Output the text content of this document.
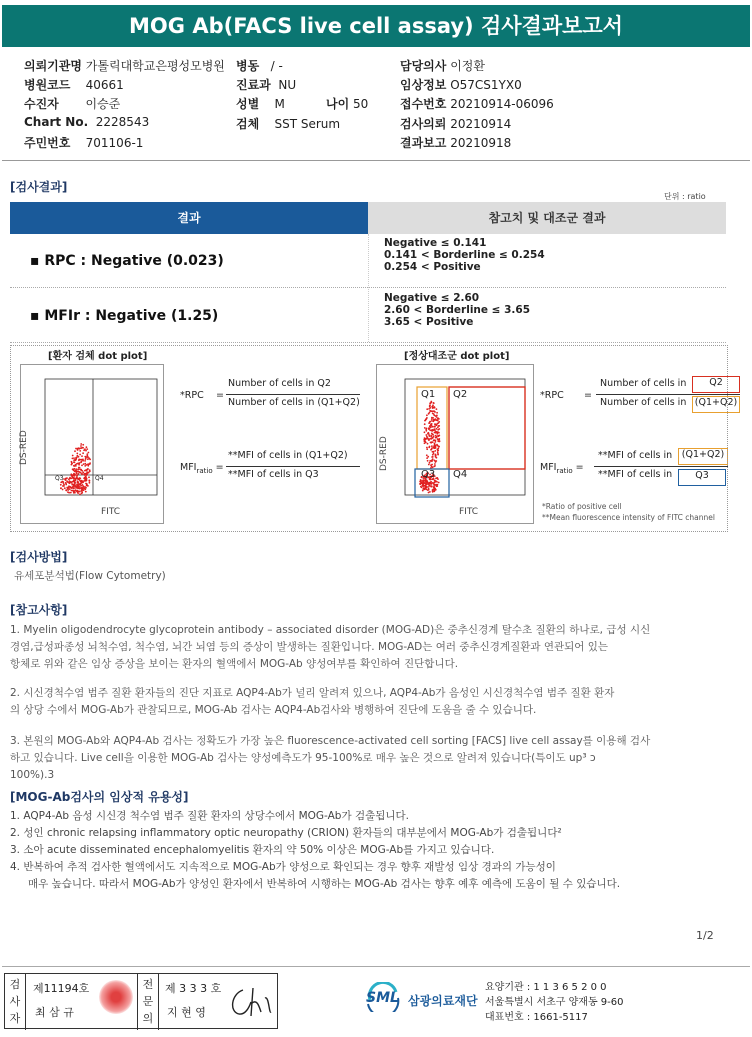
MOG Ab(FACS live cell assay) 검사결과보고서
의뢰기관명 가톨릭대학교은평성모병원 병동 / -	담당의사 이정환
병원코드 40661	진료과 NU	임상정보 O57CS1YX0
수진자 이승준	성별 M	나이 50	접수번호 20210914-06096
Chart No. 2228543	검체 SST Serum	검사의뢰 20210914
주민번호 701106-1	결과보고 20210918
[검사결과]
단위 : ratio
결과	참고치 및 대조군 결과
▪ RPC : Negative (0.023)
Negative ≤ 0.141
0.141 < Borderline ≤ 0.254
0.254 < Positive
▪ MFIr : Negative (1.25)
Negative ≤ 2.60
2.60 < Borderline ≤ 3.65
3.65 < Positive
[환자 검체 dot plot]	[정상대조군 dot plot]
DS-RED
FITC
Q3	Q4
*RPC =
Number of cells in Q2
Number of cells in (Q1+Q2)
$MFI_{ratio}$ =
**MFI of cells in (Q1+Q2)
**MFI of cells in Q3
DS-RED
FITC
Q1 Q2
Q3 Q4
*RPC =
Number of cells in	Q2
Number of cells in (Q1+Q2)
$MFI_{ratio}$ =
**MFI of cells in	(Q1+Q2)
**MFI of cells in	Q3
*Ratio of positive cell
**Mean fluorescence intensity of FITC channel
[검사방법]
유세포분석법(Flow Cytometry)
[참고사항]
1. Myelin oligodendrocyte glycoprotein antibody – associated disorder (MOG-AD)은 중추신경계 탈수초 질환의 하나로, 급성 시신
경염,급성파종성 뇌척수염, 척수염, 뇌간 뇌염 등의 증상이 발생하는 질환입니다. MOG-AD는 여러 중추신경계질환과 연관되어 있는
항체로 위와 같은 임상 증상을 보이는 환자의 혈액에서 MOG-Ab 양성여부를 확인하여 진단합니다.
2. 시신경척수염 범주 질환 환자들의 진단 지표로 AQP4-Ab가 널리 알려져 있으나, AQP4-Ab가 음성인 시신경척수염 범주 질환 환자
의 상당 수에서 MOG-Ab가 관찰되므로, MOG-Ab 검사는 AQP4-Ab검사와 병행하여 진단에 도움을 줄 수 있습니다.
3. 본원의 MOG-Ab와 AQP4-Ab 검사는 정확도가 가장 높은 fluorescence-activated cell sorting [FACS] live cell assay를 이용해 검사
하고 있습니다. Live cell을 이용한 MOG-Ab 검사는 양성예측도가 95-100%로 매우 높은 것으로 알려져 있습니다(특이도 up³ ɔ
100%).3
[MOG-Ab검사의 임상적 유용성]
1. AQP4-Ab 음성 시신경 척수염 범주 질환 환자의 상당수에서 MOG-Ab가 검출됩니다.
2. 성인 chronic relapsing inflammatory optic neuropathy (CRION) 환자들의 대부분에서 MOG-Ab가 검출됩니다²
3. 소아 acute disseminated encephalomyelitis 환자의 약 50% 이상은 MOG-Ab를 가지고 있습니다.
4. 반복하여 추적 검사한 혈액에서도 지속적으로 MOG-Ab가 양성으로 확인되는 경우 향후 재발성 임상 경과의 가능성이
매우 높습니다. 따라서 MOG-Ab가 양성인 환자에서 반복하여 시행하는 MOG-Ab 검사는 향후 예후 예측에 도움이 될 수 있습니다.
1/2
검사자
제11194호
최 삼 규
전문의
제 3 3 3 호
지 현 영
SML 삼광의료재단
요양기관 : 1 1 3 6 5 2 0 0
서울특별시 서초구 양재동 9-60
대표번호 : 1661-5117
